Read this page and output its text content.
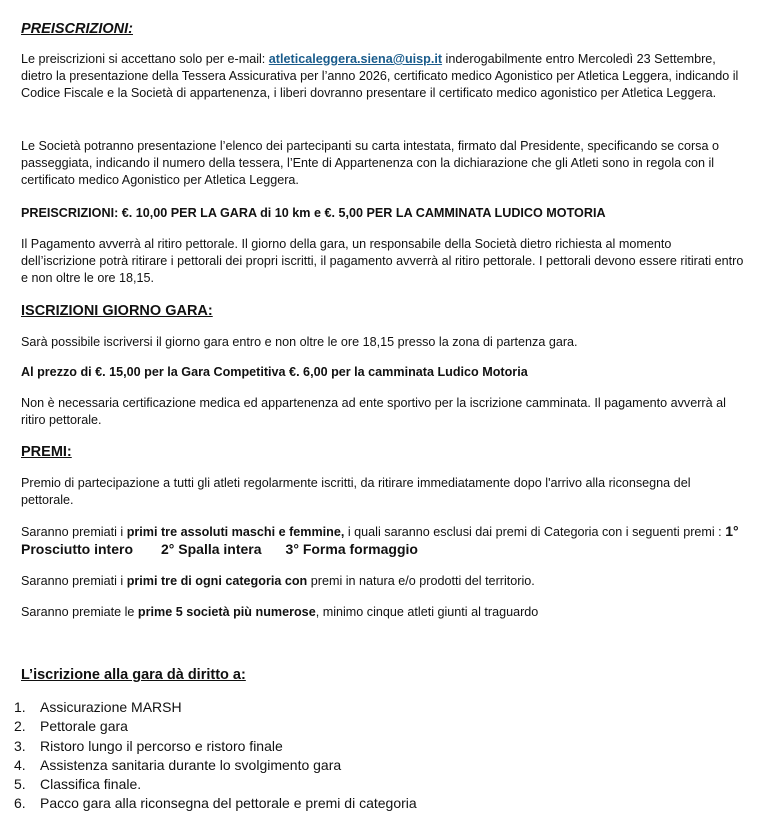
PREISCRIZIONI:

Le preiscrizioni si accettano solo per e-mail: atleticaleggera.siena@uisp.it inderogabilmente entro Mercoledì 23 Settembre, dietro la presentazione della Tessera Assicurativa per l’anno 2026, certificato medico Agonistico per Atletica Leggera, indicando il Codice Fiscale e la Società di appartenenza, i liberi dovranno presentare il certificato medico agonistico per Atletica Leggera.

Le Società potranno presentazione l’elenco dei partecipanti su carta intestata, firmato dal Presidente, specificando se corsa o passeggiata, indicando il numero della tessera, l’Ente di Appartenenza con la dichiarazione che gli Atleti sono in regola con il certificato medico Agonistico per Atletica Leggera.

PREISCRIZIONI: €. 10,00 PER LA GARA di 10 km e €. 5,00 PER LA CAMMINATA LUDICO MOTORIA

Il Pagamento avverrà al ritiro pettorale. Il giorno della gara, un responsabile della Società dietro richiesta al momento dell’iscrizione potrà ritirare i pettorali dei propri iscritti, il pagamento avverrà al ritiro pettorale. I pettorali devono essere ritirati entro e non oltre le ore 18,15.

ISCRIZIONI GIORNO GARA:

Sarà possibile iscriversi il giorno gara entro e non oltre le ore 18,15 presso la zona di partenza gara.

Al prezzo di €. 15,00 per la Gara Competitiva €. 6,00 per la camminata Ludico Motoria

Non è necessaria certificazione medica ed appartenenza ad ente sportivo per la iscrizione camminata. Il pagamento avverrà al ritiro pettorale.

PREMI:

Premio di partecipazione a tutti gli atleti regolarmente iscritti, da ritirare immediatamente dopo l'arrivo alla riconsegna del pettorale.

Saranno premiati i primi tre assoluti maschi e femmine, i quali saranno esclusi dai premi di Categoria con i seguenti premi : 1° Prosciutto intero 2° Spalla intera 3° Forma formaggio

Saranno premiati i primi tre di ogni categoria con premi in natura e/o prodotti del territorio.

Saranno premiate le prime 5 società più numerose, minimo cinque atleti giunti al traguardo

L’iscrizione alla gara dà diritto a:
1.	Assicurazione MARSH
2.	Pettorale gara
3.	Ristoro lungo il percorso e ristoro finale
4.	Assistenza sanitaria durante lo svolgimento gara
5.	Classifica finale.
6.	Pacco gara alla riconsegna del pettorale e premi di categoria
